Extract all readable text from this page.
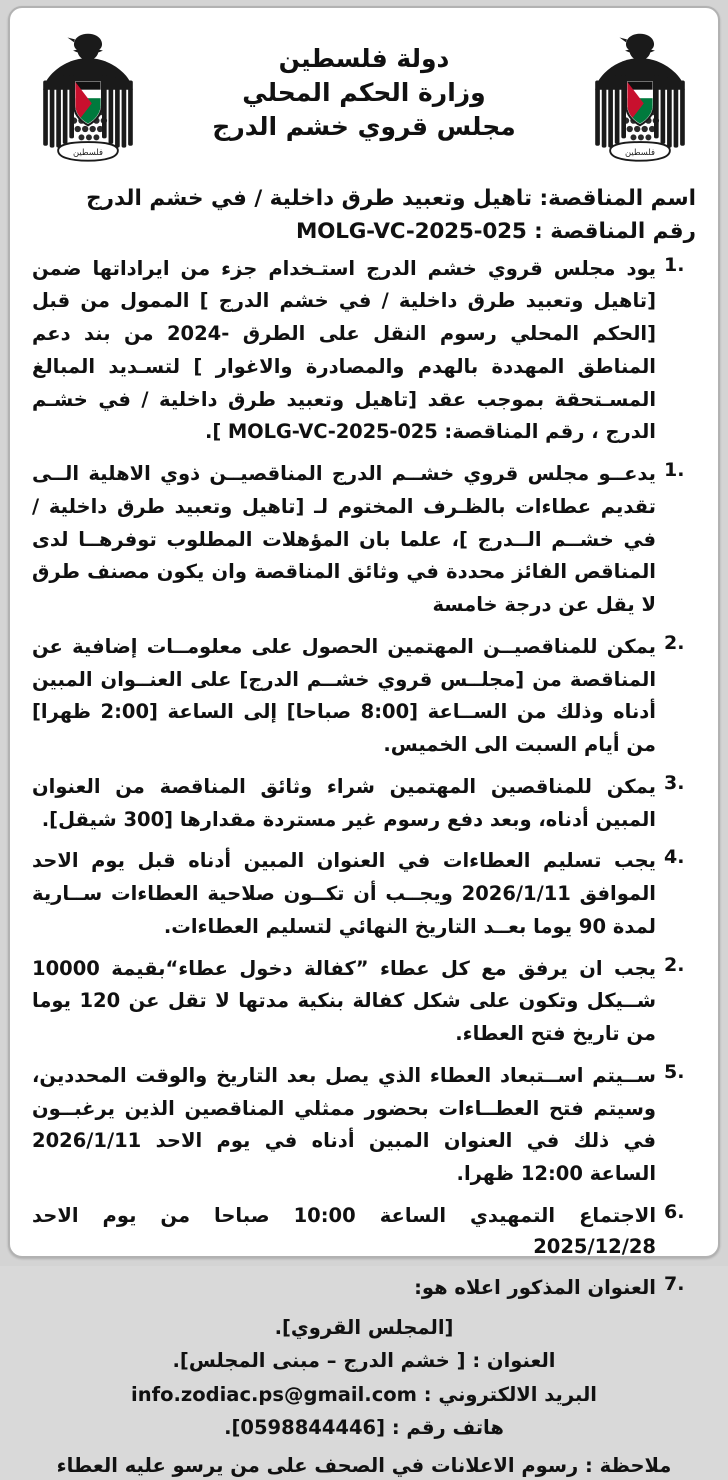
فلسطين
دولة فلسطين
وزارة الحكم المحلي
مجلس قروي خشم الدرج
فلسطين
اسم المناقصة: تاهيل وتعبيد طرق داخلية / في خشم الدرج
رقم المناقصة : MOLG-VC-2025-025
1.
يود مجلس قروي خشم الدرج استـخدام جزء من ايراداتها ضمن [تاهيل وتعبيد طرق داخلية / في خشم الدرج ] الممول من قبل [الحكم المحلي رسوم النقل على الطرق -2024 من بند دعم المناطق المهددة بالهدم والمصادرة والاغوار ] لتسـديد المبالغ المسـتحقة بموجب عقد [تاهيل وتعبيد طرق داخلية / في خشـم الدرج ، رقم المناقصة: MOLG-VC-2025-025 ].
1.
يدعــو مجلس قروي خشــم الدرج المناقصيــن ذوي الاهلية الــى تقديم عطاءات بالظـرف المختوم لـ [تاهيل وتعبيد طرق داخلية / في خشــم الــدرج ]، علما بان المؤهلات المطلوب توفرهــا لدى المناقص الفائز محددة في وثائق المناقصة وان يكون مصنف طرق لا يقل عن درجة خامسة
2.
يمكن للمناقصيــن المهتمين الحصول على معلومــات إضافية عن المناقصة من [مجلــس قروي خشــم الدرج] على العنــوان المبين أدناه وذلك من الســاعة [8:00 صباحا] إلى الساعة [2:00 ظهرا] من أيام السبت الى الخميس.
3.
يمكن للمناقصين المهتمين شراء وثائق المناقصة من العنوان المبين أدناه، وبعد دفع رسوم غير مستردة مقدارها [300 شيقل].
4.
يجب تسليم العطاءات في العنوان المبين أدناه قبل يوم الاحد الموافق 2026/1/11 ويجــب أن تكــون صلاحية العطاءات ســارية لمدة 90 يوما بعــد التاريخ النهائي لتسليم العطاءات.
2.
يجب ان يرفق مع كل عطاء ”كفالة دخول عطاء“بقيمة 10000 شــيكل وتكون على شكل كفالة بنكية مدتها لا تقل عن 120 يوما من تاريخ فتح العطاء.
5.
ســيتم اســتبعاد العطاء الذي يصل بعد التاريخ والوقت المحددين، وسيتم فتح العطــاءات بحضور ممثلي المناقصين الذين يرغبــون في ذلك في العنوان المبين أدناه في يوم الاحد 2026/1/11 الساعة 12:00 ظهرا.
6.
الاجتماع التمهيدي الساعة 10:00 صباحا من يوم الاحد 2025/12/28
7.
العنوان المذكور اعلاه هو:
[المجلس القروي].
العنوان : [ خشم الدرج – مبنى المجلس].
البريد الالكتروني : info.zodiac.ps@gmail.com
هاتف رقم : [0598844446].
ملاحظة : رسوم الاعلانات في الصحف على من يرسو عليه العطاء
